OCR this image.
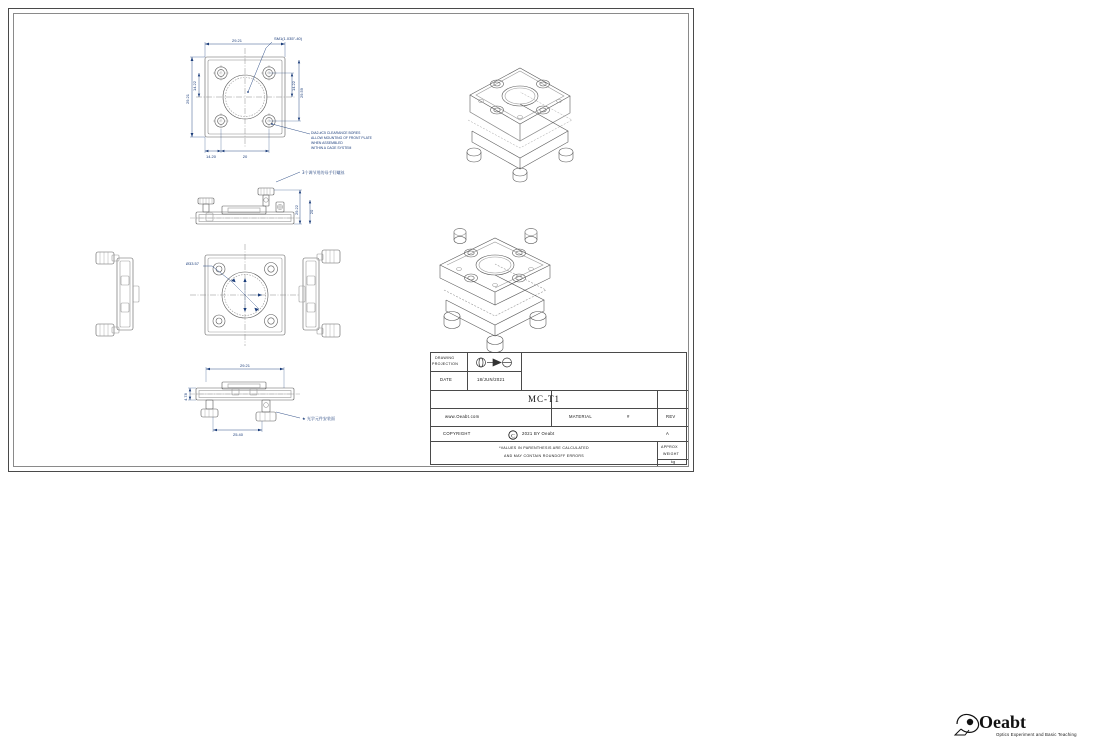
29.21
29.21
14.22	14.22
29.59
14.20	20
SM1(1.035"-40)
DIA2-#C5 CLEARANCE BORES
ALLOW MOUNTING OF FRONT PLATE
WHEN ASSEMBLED
WITHIN A CAGE SYSTEM
29.22	20
3个调节用的母手钉螺丝
Ø33.57
29.21
4.78
25.40
★ 光学元件安装面
DRAWING
PROJECTION
DATE	18/JUN/2021
Oeabt
Optics Experiment and Basic Teaching
MC-T1
www.Oeabt.com	MATERIAL	#	REV
COPYRIGHT	C 2021 BY Oeabt	A
*VALUES IN PARENTHESIS ARE CALCULATED
AND MAY CONTAIN ROUNDOFF ERRORS
APPROX
WEIGHT
kg
